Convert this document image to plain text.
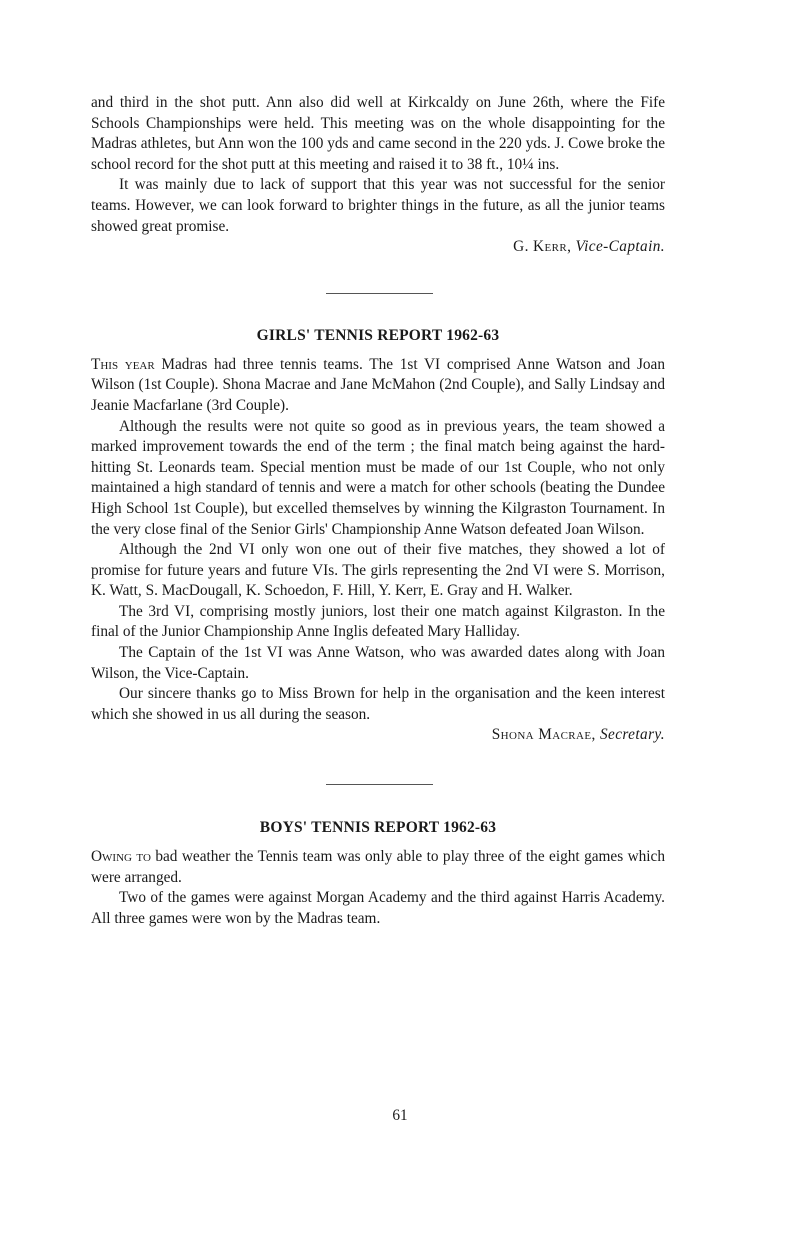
and third in the shot putt. Ann also did well at Kirkcaldy on June 26th, where the Fife Schools Championships were held. This meeting was on the whole disappointing for the Madras athletes, but Ann won the 100 yds and came second in the 220 yds. J. Cowe broke the school record for the shot putt at this meeting and raised it to 38 ft., 10¼ ins.

It was mainly due to lack of support that this year was not successful for the senior teams. However, we can look forward to brighter things in the future, as all the junior teams showed great promise.

G. Kerr, Vice-Captain.
GIRLS' TENNIS REPORT 1962-63

This year Madras had three tennis teams. The 1st VI comprised Anne Watson and Joan Wilson (1st Couple). Shona Macrae and Jane McMahon (2nd Couple), and Sally Lindsay and Jeanie Macfarlane (3rd Couple).

Although the results were not quite so good as in previous years, the team showed a marked improvement towards the end of the term ; the final match being against the hard-hitting St. Leonards team. Special mention must be made of our 1st Couple, who not only maintained a high standard of tennis and were a match for other schools (beating the Dundee High School 1st Couple), but excelled themselves by winning the Kilgraston Tournament. In the very close final of the Senior Girls' Championship Anne Watson defeated Joan Wilson.

Although the 2nd VI only won one out of their five matches, they showed a lot of promise for future years and future VIs. The girls representing the 2nd VI were S. Morrison, K. Watt, S. MacDougall, K. Schoedon, F. Hill, Y. Kerr, E. Gray and H. Walker.

The 3rd VI, comprising mostly juniors, lost their one match against Kilgraston. In the final of the Junior Championship Anne Inglis defeated Mary Halliday.

The Captain of the 1st VI was Anne Watson, who was awarded dates along with Joan Wilson, the Vice-Captain.

Our sincere thanks go to Miss Brown for help in the organisation and the keen interest which she showed in us all during the season.

Shona Macrae, Secretary.
BOYS' TENNIS REPORT 1962-63

Owing to bad weather the Tennis team was only able to play three of the eight games which were arranged.

Two of the games were against Morgan Academy and the third against Harris Academy. All three games were won by the Madras team.

61
